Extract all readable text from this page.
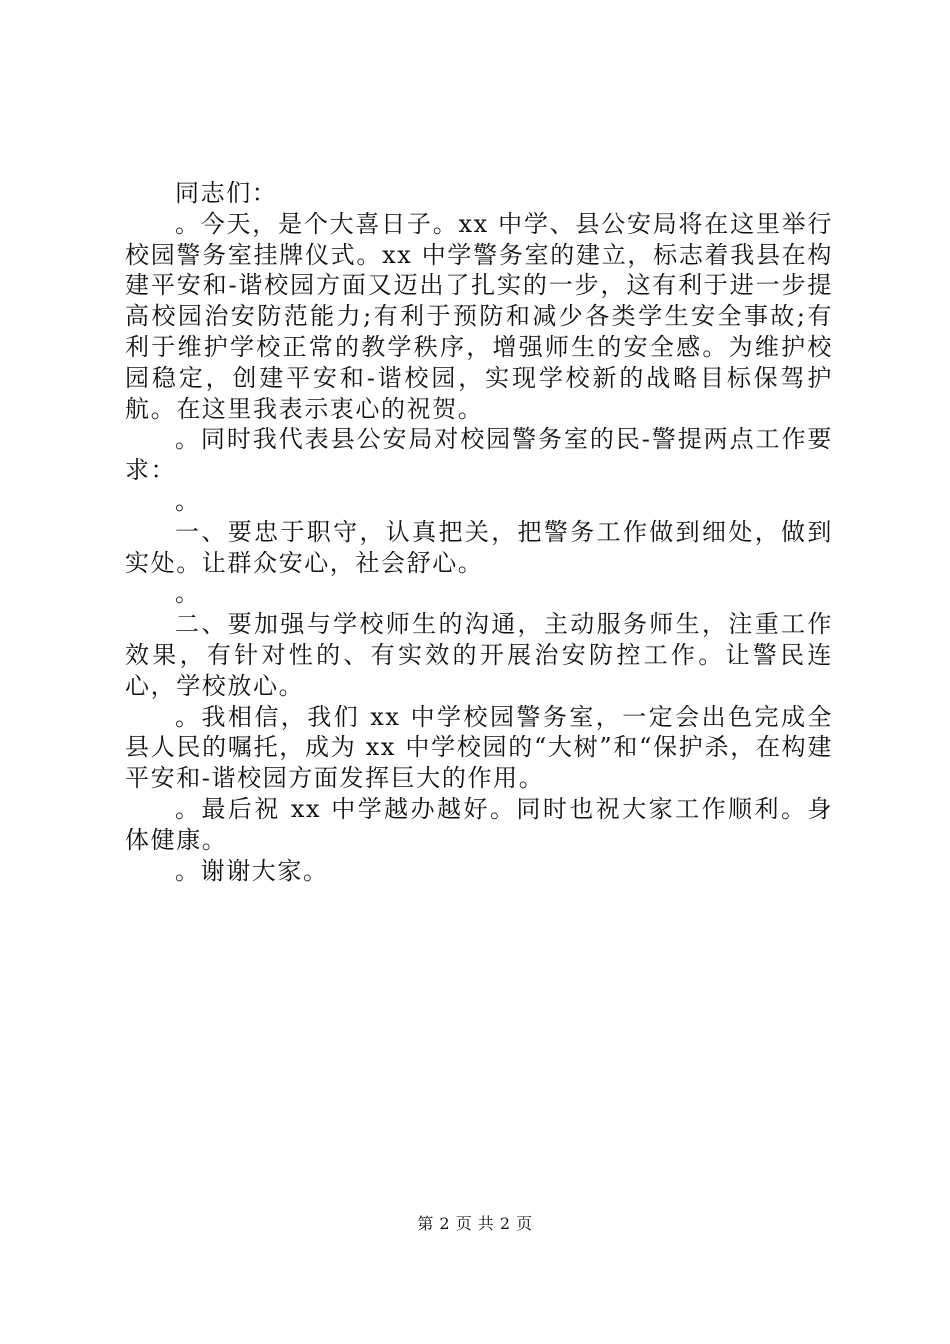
同志们：

。今天，是个大喜日子。xx 中学、县公安局将在这里举行校园警务室挂牌仪式。xx 中学警务室的建立，标志着我县在构建平安和-谐校园方面又迈出了扎实的一步，这有利于进一步提高校园治安防范能力;有利于预防和减少各类学生安全事故;有利于维护学校正常的教学秩序，增强师生的安全感。为维护校园稳定，创建平安和-谐校园，实现学校新的战略目标保驾护航。在这里我表示衷心的祝贺。

。同时我代表县公安局对校园警务室的民-警提两点工作要求：

。

一、要忠于职守，认真把关，把警务工作做到细处，做到实处。让群众安心，社会舒心。

。

二、要加强与学校师生的沟通，主动服务师生，注重工作效果，有针对性的、有实效的开展治安防控工作。让警民连心，学校放心。

。我相信，我们 xx 中学校园警务室，一定会出色完成全县人民的嘱托，成为 xx 中学校园的“大树”和“保护杀，在构建平安和-谐校园方面发挥巨大的作用。

。最后祝 xx 中学越办越好。同时也祝大家工作顺利。身体健康。

。谢谢大家。

第 2 页 共 2 页
